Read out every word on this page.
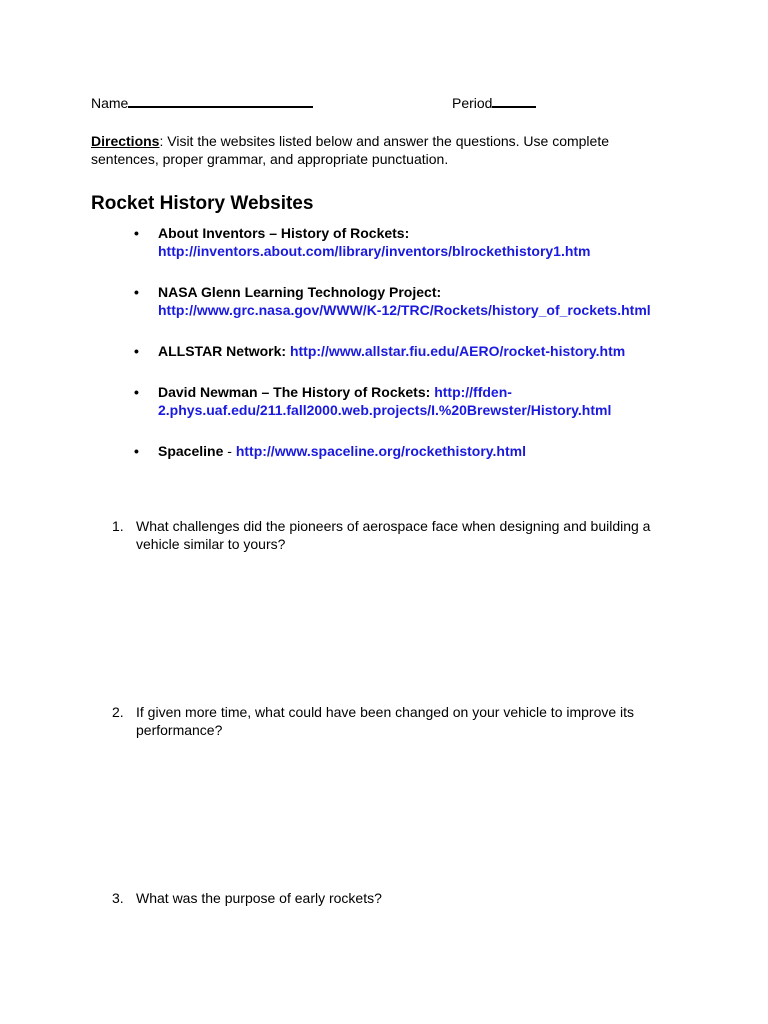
Name	Period
Directions: Visit the websites listed below and answer the questions. Use complete sentences, proper grammar, and appropriate punctuation.
Rocket History Websites
• About Inventors – History of Rockets:
http://inventors.about.com/library/inventors/blrockethistory1.htm
• NASA Glenn Learning Technology Project:
http://www.grc.nasa.gov/WWW/K-12/TRC/Rockets/history_of_rockets.html
• ALLSTAR Network: http://www.allstar.fiu.edu/AERO/rocket-history.htm
• David Newman – The History of Rockets: http://ffden-2.phys.uaf.edu/211.fall2000.web.projects/I.%20Brewster/History.html
• Spaceline - http://www.spaceline.org/rockethistory.html
1. What challenges did the pioneers of aerospace face when designing and building a vehicle similar to yours?
2. If given more time, what could have been changed on your vehicle to improve its performance?
3. What was the purpose of early rockets?
